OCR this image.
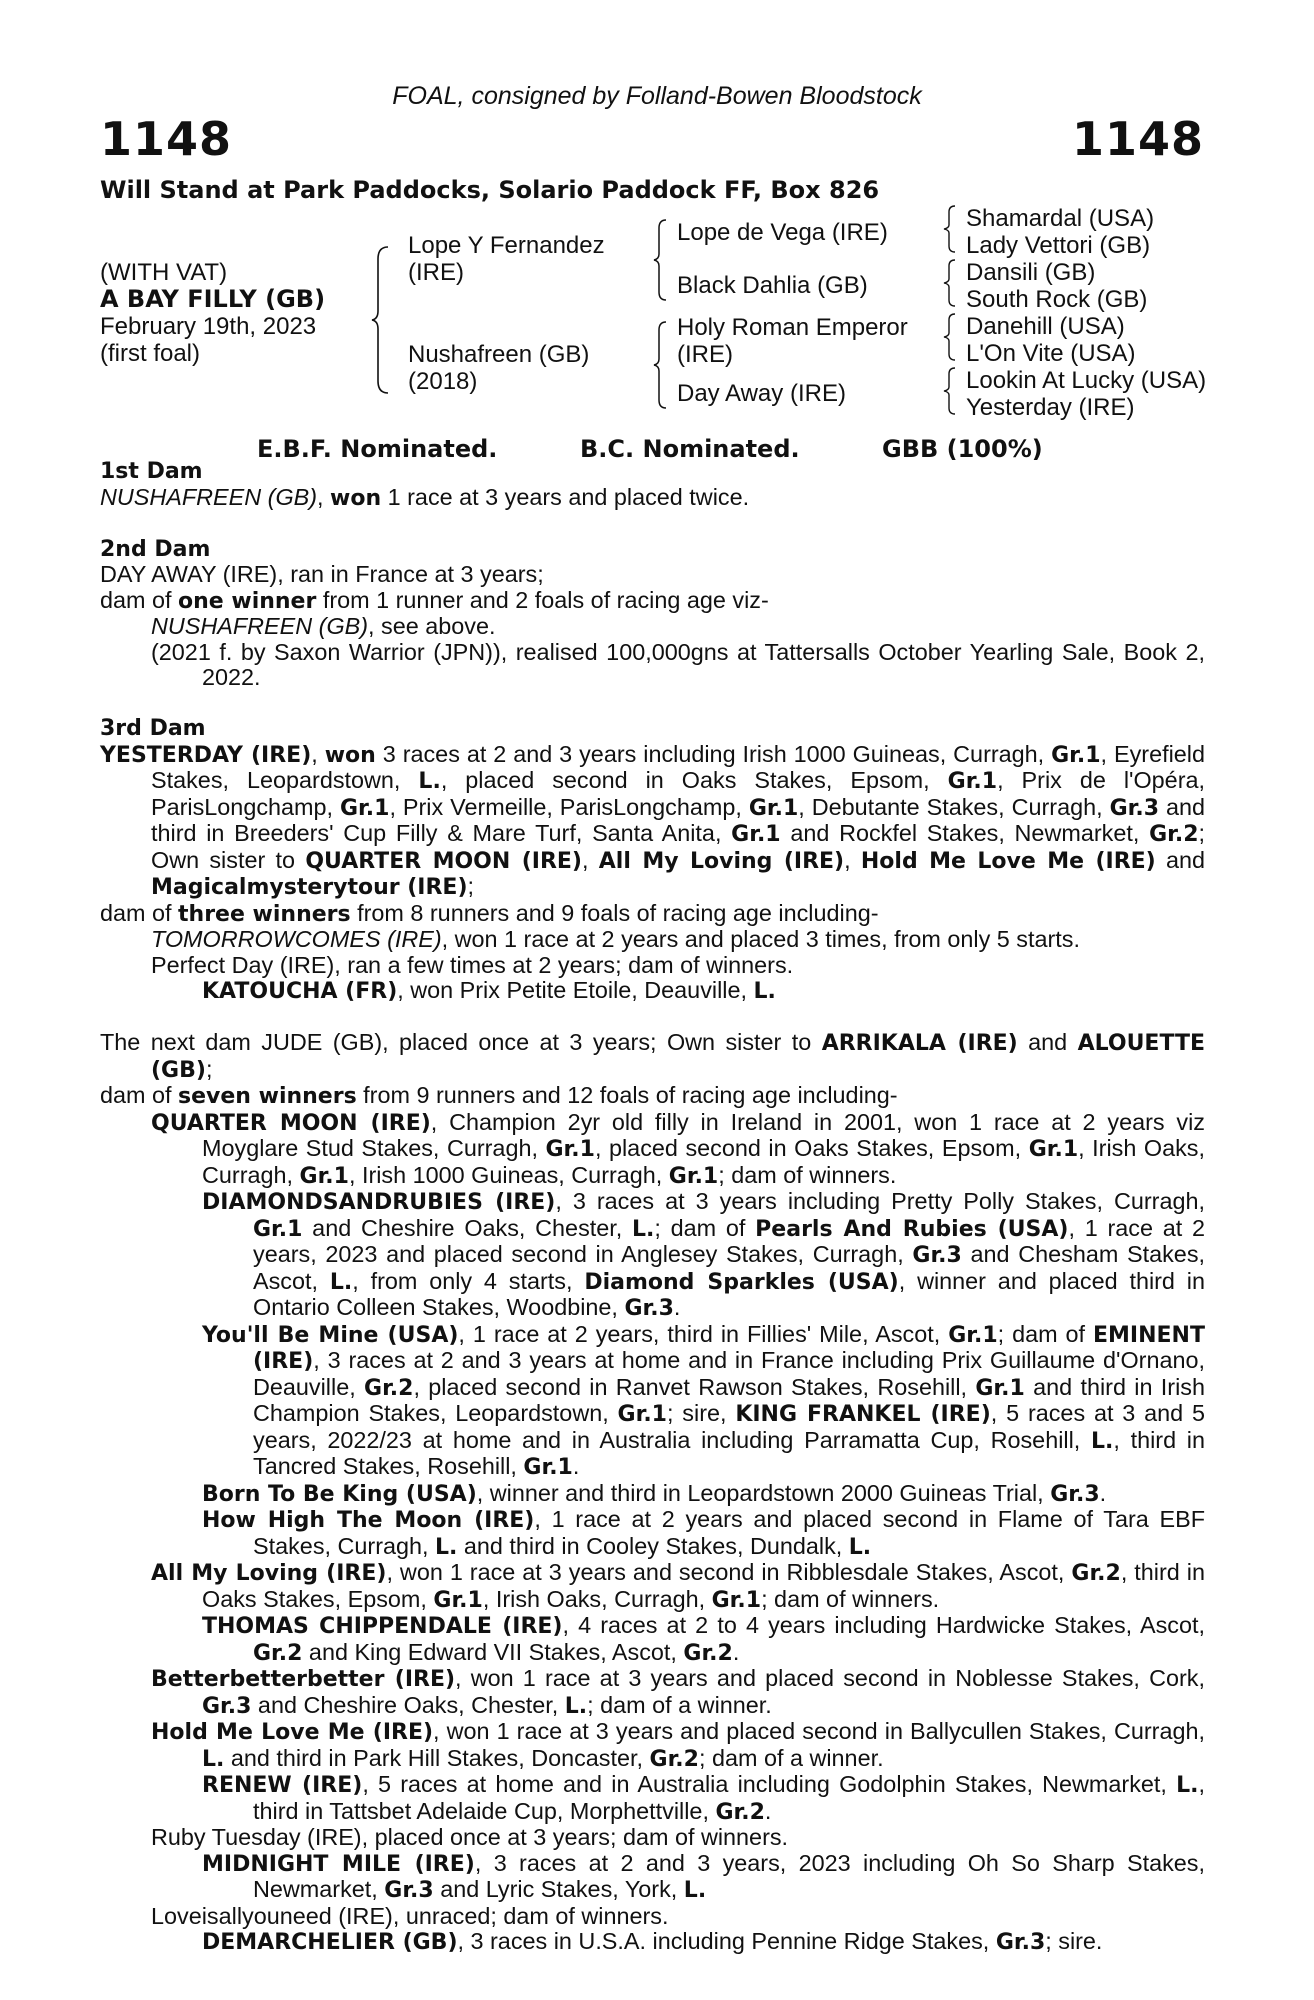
FOAL, consigned by Folland-Bowen Bloodstock
1148	1148
Will Stand at Park Paddocks, Solario Paddock FF, Box 826
(WITH VAT)
A BAY FILLY (GB)
February 19th, 2023
(first foal)
Lope Y Fernandez
(IRE)
Nushafreen (GB)
(2018)
Lope de Vega (IRE)
Black Dahlia (GB)
Holy Roman Emperor
(IRE)
Day Away (IRE)
Shamardal (USA)
Lady Vettori (GB)
Dansili (GB)
South Rock (GB)
Danehill (USA)
L'On Vite (USA)
Lookin At Lucky (USA)
Yesterday (IRE)
E.B.F. Nominated.	B.C. Nominated.	GBB (100%)
1st Dam

NUSHAFREEN (GB), won 1 race at 3 years and placed twice.

2nd Dam

DAY AWAY (IRE), ran in France at 3 years;

dam of one winner from 1 runner and 2 foals of racing age viz-

NUSHAFREEN (GB), see above.

(2021 f. by Saxon Warrior (JPN)), realised 100,000gns at Tattersalls October Yearling Sale, Book 2, 2022.

3rd Dam

YESTERDAY (IRE), won 3 races at 2 and 3 years including Irish 1000 Guineas, Curragh, Gr.1, Eyrefield Stakes, Leopardstown, L., placed second in Oaks Stakes, Epsom, Gr.1, Prix de l'Opéra, ParisLongchamp, Gr.1, Prix Vermeille, ParisLongchamp, Gr.1, Debutante Stakes, Curragh, Gr.3 and third in Breeders' Cup Filly & Mare Turf, Santa Anita, Gr.1 and Rockfel Stakes, Newmarket, Gr.2; Own sister to QUARTER MOON (IRE), All My Loving (IRE), Hold Me Love Me (IRE) and Magicalmysterytour (IRE);

dam of three winners from 8 runners and 9 foals of racing age including-

TOMORROWCOMES (IRE), won 1 race at 2 years and placed 3 times, from only 5 starts.

Perfect Day (IRE), ran a few times at 2 years; dam of winners.

KATOUCHA (FR), won Prix Petite Etoile, Deauville, L.

The next dam JUDE (GB), placed once at 3 years; Own sister to ARRIKALA (IRE) and ALOUETTE (GB);

dam of seven winners from 9 runners and 12 foals of racing age including-

QUARTER MOON (IRE), Champion 2yr old filly in Ireland in 2001, won 1 race at 2 years viz Moyglare Stud Stakes, Curragh, Gr.1, placed second in Oaks Stakes, Epsom, Gr.1, Irish Oaks, Curragh, Gr.1, Irish 1000 Guineas, Curragh, Gr.1; dam of winners.

DIAMONDSANDRUBIES (IRE), 3 races at 3 years including Pretty Polly Stakes, Curragh, Gr.1 and Cheshire Oaks, Chester, L.; dam of Pearls And Rubies (USA), 1 race at 2 years, 2023 and placed second in Anglesey Stakes, Curragh, Gr.3 and Chesham Stakes, Ascot, L., from only 4 starts, Diamond Sparkles (USA), winner and placed third in Ontario Colleen Stakes, Woodbine, Gr.3.

You'll Be Mine (USA), 1 race at 2 years, third in Fillies' Mile, Ascot, Gr.1; dam of EMINENT (IRE), 3 races at 2 and 3 years at home and in France including Prix Guillaume d'Ornano, Deauville, Gr.2, placed second in Ranvet Rawson Stakes, Rosehill, Gr.1 and third in Irish Champion Stakes, Leopardstown, Gr.1; sire, KING FRANKEL (IRE), 5 races at 3 and 5 years, 2022/23 at home and in Australia including Parramatta Cup, Rosehill, L., third in Tancred Stakes, Rosehill, Gr.1.

Born To Be King (USA), winner and third in Leopardstown 2000 Guineas Trial, Gr.3.

How High The Moon (IRE), 1 race at 2 years and placed second in Flame of Tara EBF Stakes, Curragh, L. and third in Cooley Stakes, Dundalk, L.

All My Loving (IRE), won 1 race at 3 years and second in Ribblesdale Stakes, Ascot, Gr.2, third in Oaks Stakes, Epsom, Gr.1, Irish Oaks, Curragh, Gr.1; dam of winners.

THOMAS CHIPPENDALE (IRE), 4 races at 2 to 4 years including Hardwicke Stakes, Ascot, Gr.2 and King Edward VII Stakes, Ascot, Gr.2.

Betterbetterbetter (IRE), won 1 race at 3 years and placed second in Noblesse Stakes, Cork, Gr.3 and Cheshire Oaks, Chester, L.; dam of a winner.

Hold Me Love Me (IRE), won 1 race at 3 years and placed second in Ballycullen Stakes, Curragh, L. and third in Park Hill Stakes, Doncaster, Gr.2; dam of a winner.

RENEW (IRE), 5 races at home and in Australia including Godolphin Stakes, Newmarket, L., third in Tattsbet Adelaide Cup, Morphettville, Gr.2.

Ruby Tuesday (IRE), placed once at 3 years; dam of winners.

MIDNIGHT MILE (IRE), 3 races at 2 and 3 years, 2023 including Oh So Sharp Stakes, Newmarket, Gr.3 and Lyric Stakes, York, L.

Loveisallyouneed (IRE), unraced; dam of winners.

DEMARCHELIER (GB), 3 races in U.S.A. including Pennine Ridge Stakes, Gr.3; sire.
